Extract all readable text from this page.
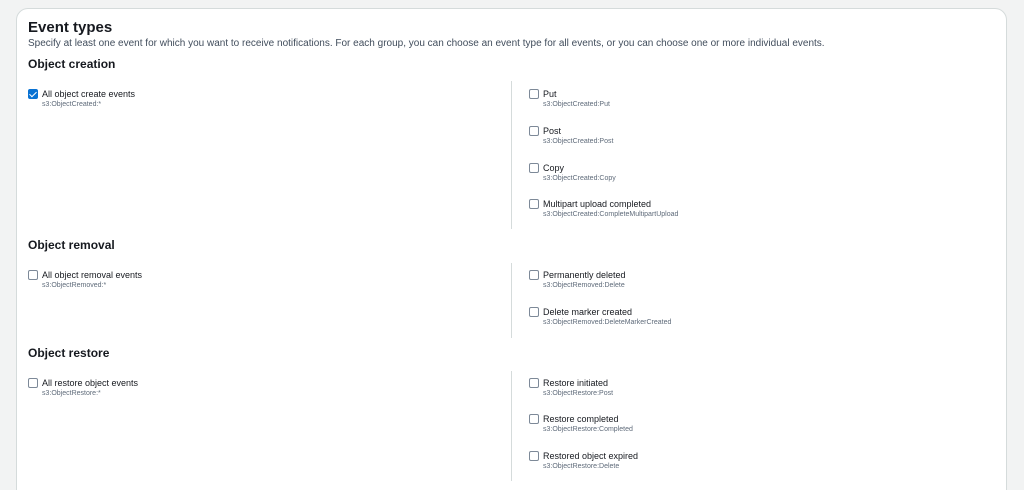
Event types
Specify at least one event for which you want to receive notifications. For each group, you can choose an event type for all events, or you can choose one or more individual events.
Object creation
All object create events
s3:ObjectCreated:*
Put
s3:ObjectCreated:Put
Post
s3:ObjectCreated:Post
Copy
s3:ObjectCreated:Copy
Multipart upload completed
s3:ObjectCreated:CompleteMultipartUpload
Object removal
All object removal events
s3:ObjectRemoved:*
Permanently deleted
s3:ObjectRemoved:Delete
Delete marker created
s3:ObjectRemoved:DeleteMarkerCreated
Object restore
All restore object events
s3:ObjectRestore:*
Restore initiated
s3:ObjectRestore:Post
Restore completed
s3:ObjectRestore:Completed
Restored object expired
s3:ObjectRestore:Delete
